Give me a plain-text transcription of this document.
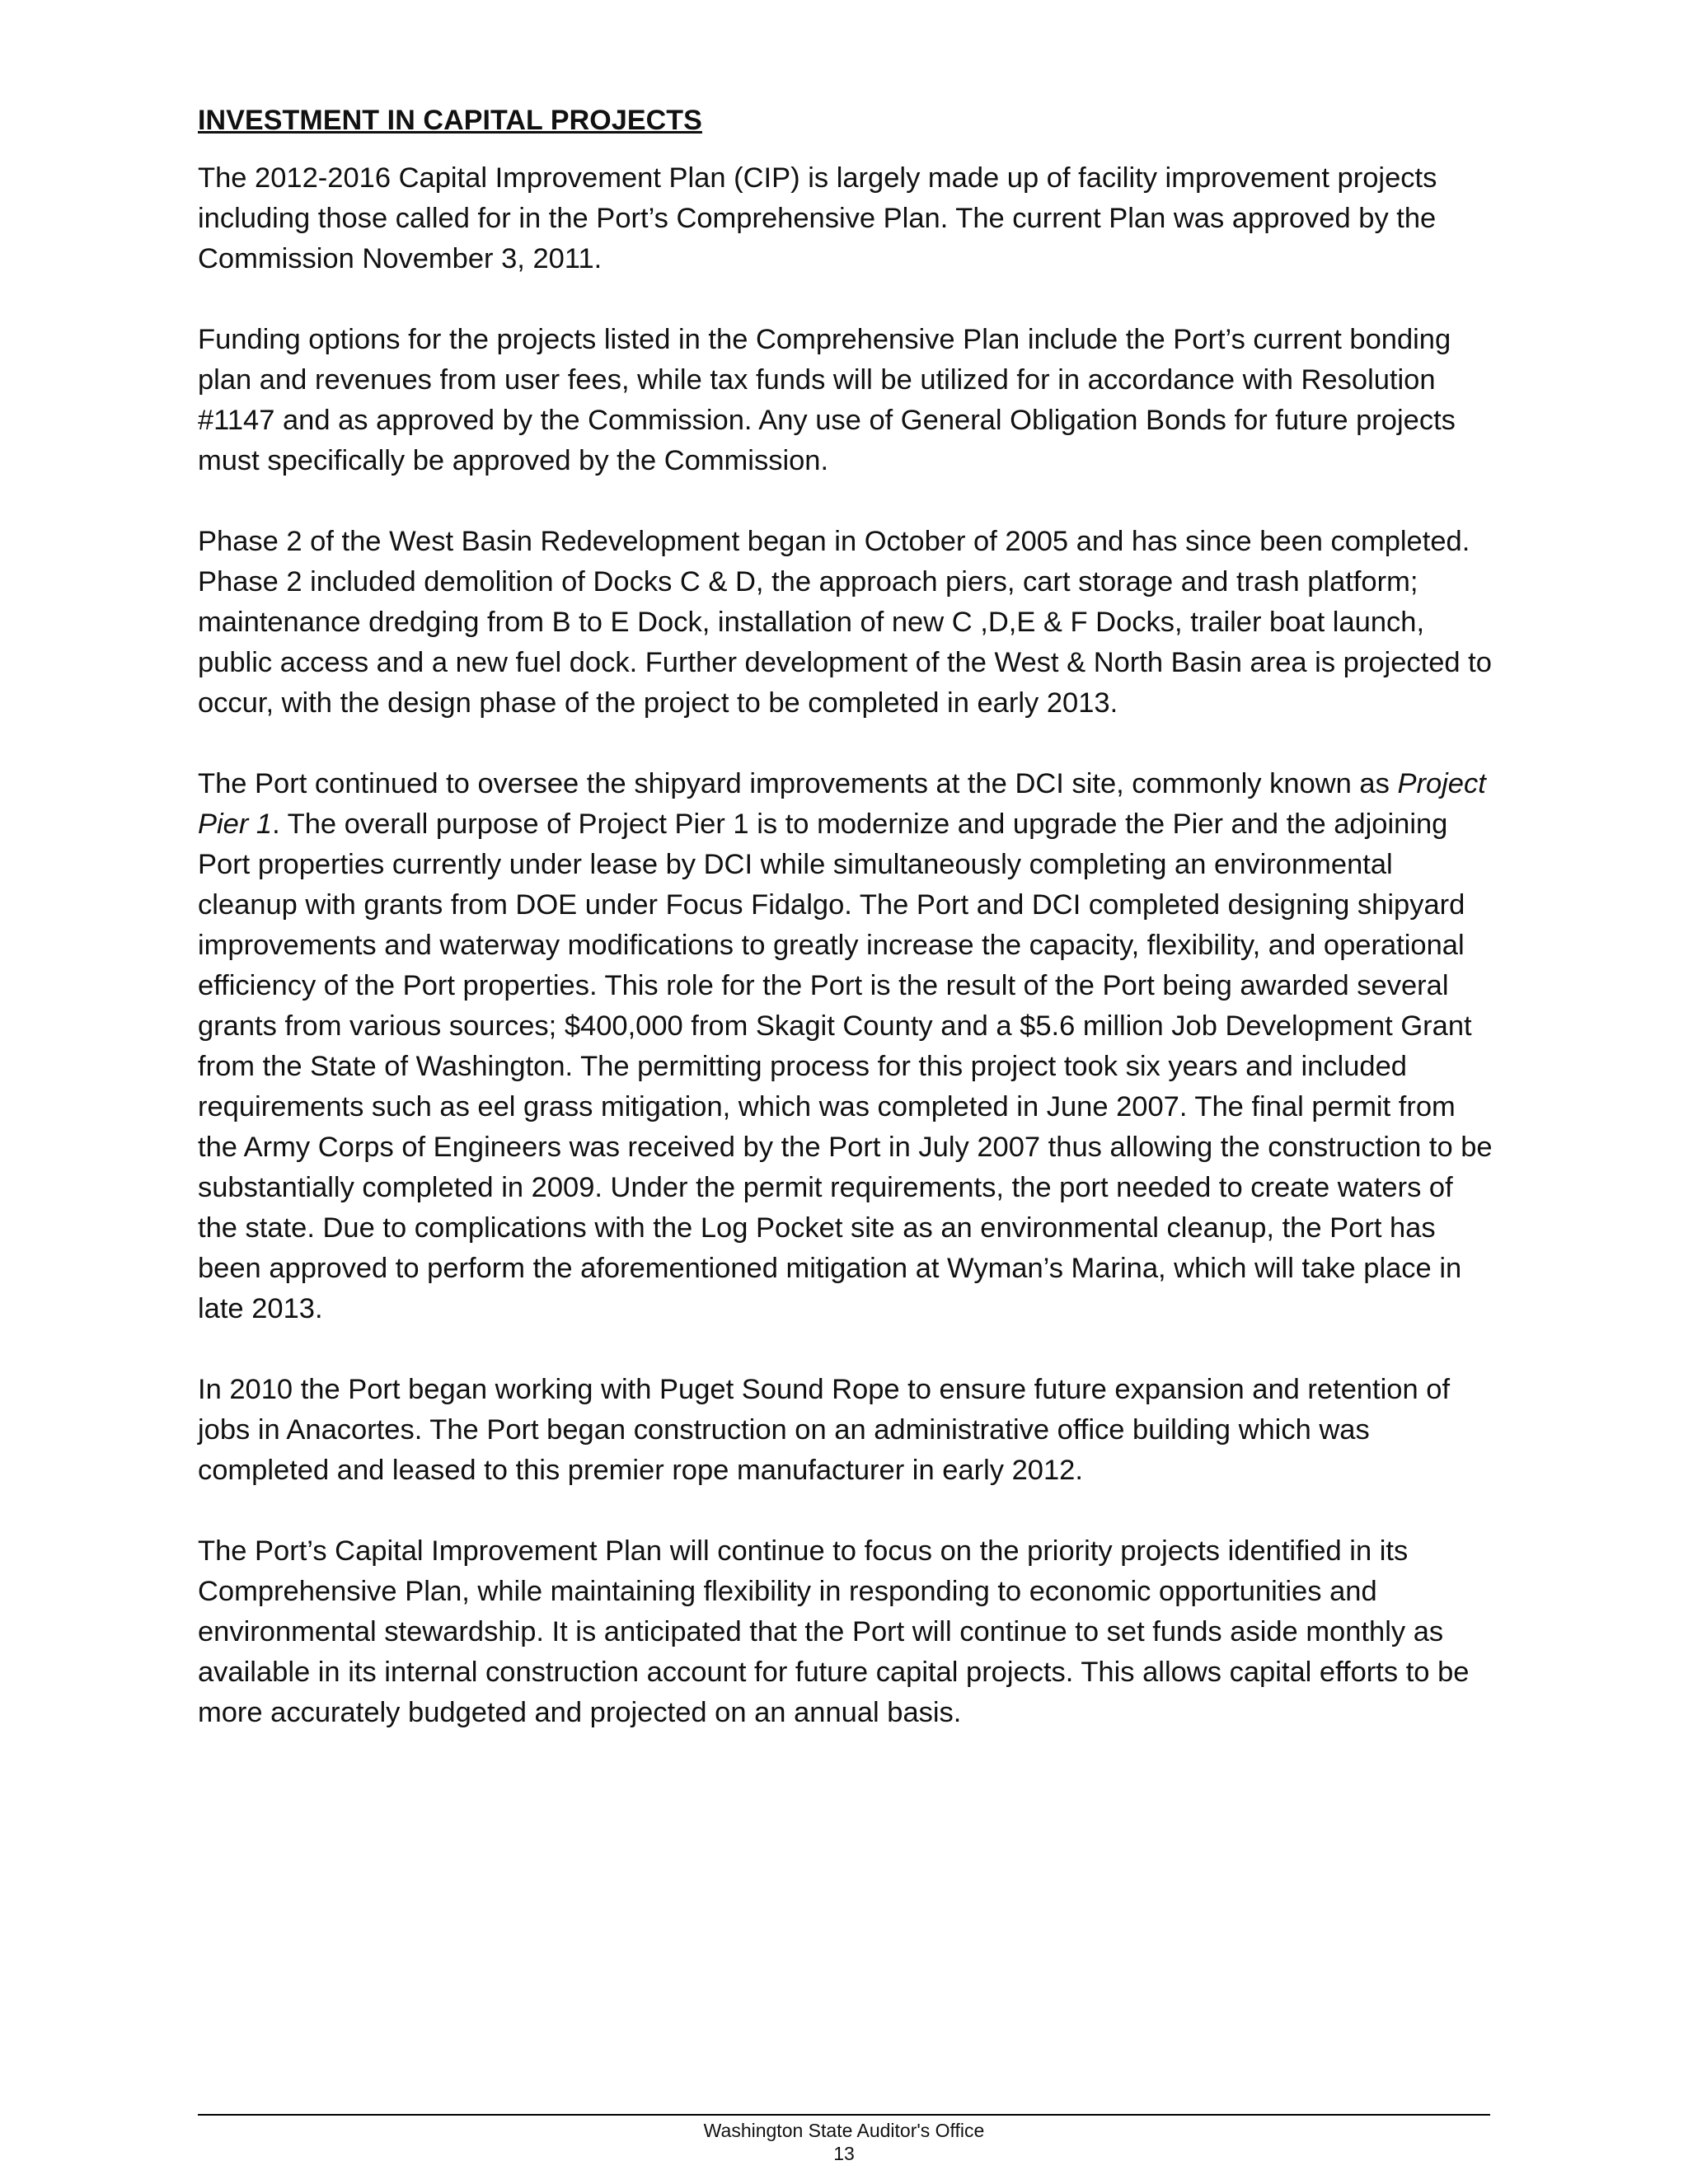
INVESTMENT IN CAPITAL PROJECTS

The 2012-2016 Capital Improvement Plan (CIP) is largely made up of facility improvement projects including those called for in the Port’s Comprehensive Plan. The current Plan was approved by the Commission November 3, 2011.

Funding options for the projects listed in the Comprehensive Plan include the Port’s current bonding plan and revenues from user fees, while tax funds will be utilized for in accordance with Resolution #1147 and as approved by the Commission. Any use of General Obligation Bonds for future projects must specifically be approved by the Commission.

Phase 2 of the West Basin Redevelopment began in October of 2005 and has since been completed. Phase 2 included demolition of Docks C & D, the approach piers, cart storage and trash platform; maintenance dredging from B to E Dock, installation of new C ,D,E & F Docks, trailer boat launch, public access and a new fuel dock. Further development of the West & North Basin area is projected to occur, with the design phase of the project to be completed in early 2013.

The Port continued to oversee the shipyard improvements at the DCI site, commonly known as Project Pier 1. The overall purpose of Project Pier 1 is to modernize and upgrade the Pier and the adjoining Port properties currently under lease by DCI while simultaneously completing an environmental cleanup with grants from DOE under Focus Fidalgo. The Port and DCI completed designing shipyard improvements and waterway modifications to greatly increase the capacity, flexibility, and operational efficiency of the Port properties. This role for the Port is the result of the Port being awarded several grants from various sources; $400,000 from Skagit County and a $5.6 million Job Development Grant from the State of Washington. The permitting process for this project took six years and included requirements such as eel grass mitigation, which was completed in June 2007. The final permit from the Army Corps of Engineers was received by the Port in July 2007 thus allowing the construction to be substantially completed in 2009. Under the permit requirements, the port needed to create waters of the state. Due to complications with the Log Pocket site as an environmental cleanup, the Port has been approved to perform the aforementioned mitigation at Wyman’s Marina, which will take place in late 2013.

In 2010 the Port began working with Puget Sound Rope to ensure future expansion and retention of jobs in Anacortes. The Port began construction on an administrative office building which was completed and leased to this premier rope manufacturer in early 2012.

The Port’s Capital Improvement Plan will continue to focus on the priority projects identified in its Comprehensive Plan, while maintaining flexibility in responding to economic opportunities and environmental stewardship. It is anticipated that the Port will continue to set funds aside monthly as available in its internal construction account for future capital projects. This allows capital efforts to be more accurately budgeted and projected on an annual basis.

Washington State Auditor's Office
13
